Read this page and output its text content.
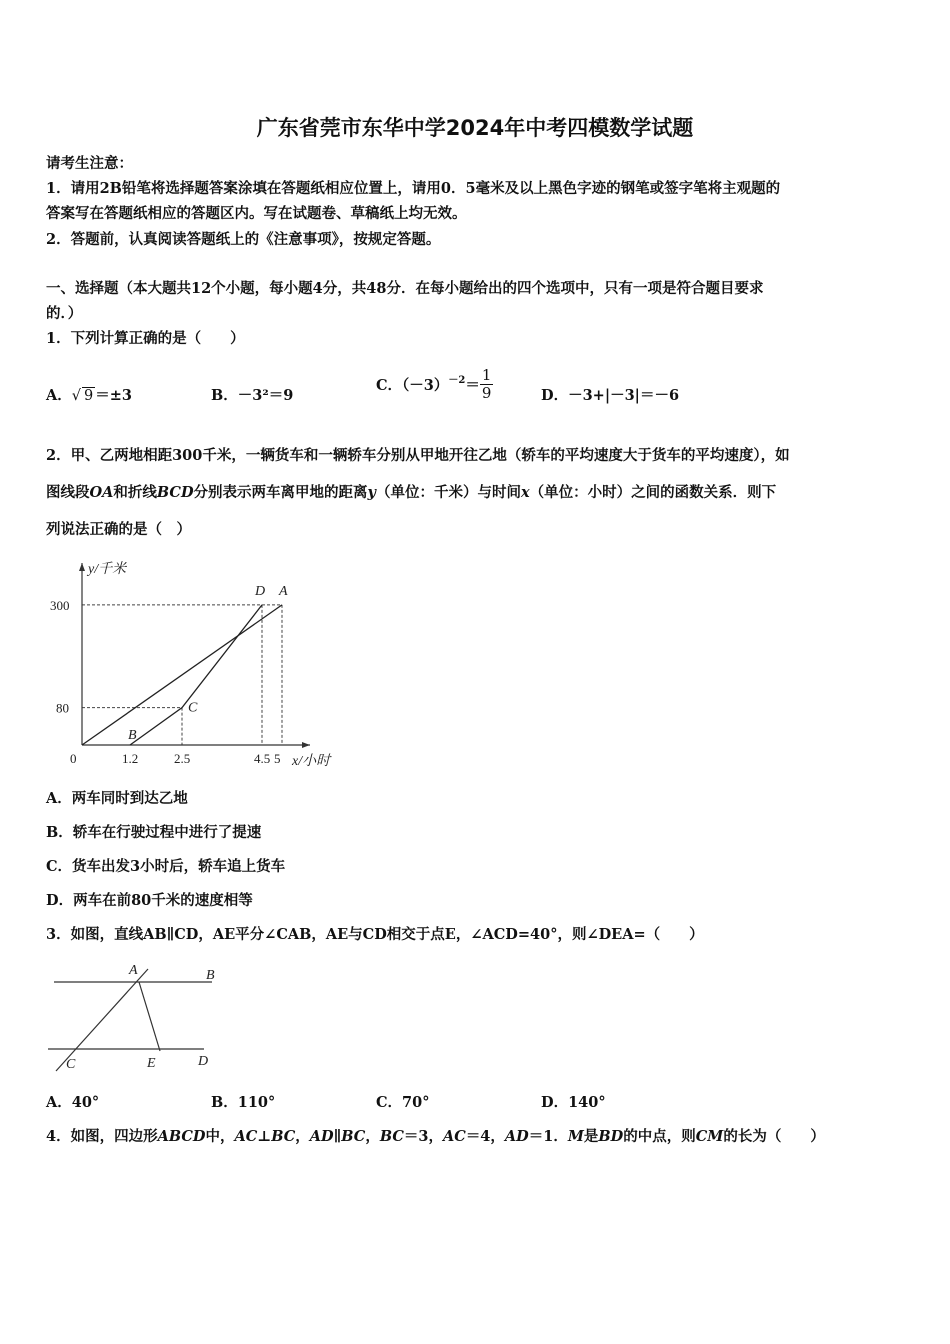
广东省莞市东华中学2024年中考四模数学试题
请考生注意：
1．请用2B铅笔将选择题答案涂填在答题纸相应位置上，请用0．5毫米及以上黑色字迹的钢笔或签字笔将主观题的
答案写在答题纸相应的答题区内。写在试题卷、草稿纸上均无效。
2．答题前，认真阅读答题纸上的《注意事项》，按规定答题。
一、选择题（本大题共12个小题，每小题4分，共48分．在每小题给出的四个选项中，只有一项是符合题目要求
的．）
1．下列计算正确的是（　　）
A．√ 9 ＝±3	B．－3²＝9
C．$(-3)^{-2} = \frac{1}{9}$	D．－3+|－3|＝－6
2．甲、乙两地相距300千米，一辆货车和一辆轿车分别从甲地开往乙地（轿车的平均速度大于货车的平均速度），如
图线段OA和折线BCD分别表示两车离甲地的距离y（单位：千米）与时间x（单位：小时）之间的函数关系．则下
列说法正确的是（　）
0	1.2	2.5	4.5 5
80
300
y/千米
x/小时
B
C
D A
A．两车同时到达乙地
B．轿车在行驶过程中进行了提速
C．货车出发3小时后，轿车追上货车
D．两车在前80千米的速度相等
3．如图，直线AB∥CD，AE平分∠CAB，AE与CD相交于点E，∠ACD=40°，则∠DEA=（　　）
A	B
C	E	D
A．40°	B．110°	C．70°	D．140°
4．如图，四边形ABCD中，AC⊥BC，AD∥BC，BC＝3，AC＝4，AD＝1．M是BD的中点，则CM的长为（　　）
